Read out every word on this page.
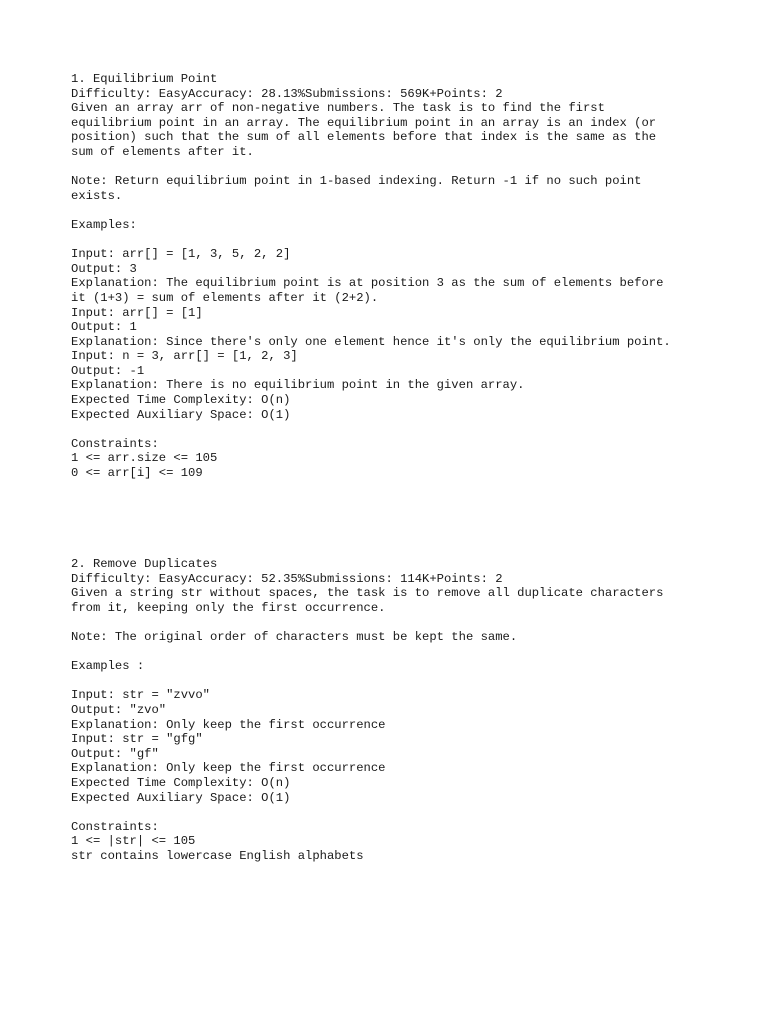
1. Equilibrium Point
Difficulty: EasyAccuracy: 28.13%Submissions: 569K+Points: 2
Given an array arr of non-negative numbers. The task is to find the first
equilibrium point in an array. The equilibrium point in an array is an index (or
position) such that the sum of all elements before that index is the same as the
sum of elements after it.
Note: Return equilibrium point in 1-based indexing. Return -1 if no such point
exists.
Examples:
Input: arr[] = [1, 3, 5, 2, 2]
Output: 3
Explanation: The equilibrium point is at position 3 as the sum of elements before
it (1+3) = sum of elements after it (2+2).
Input: arr[] = [1]
Output: 1
Explanation: Since there's only one element hence it's only the equilibrium point.
Input: n = 3, arr[] = [1, 2, 3]
Output: -1
Explanation: There is no equilibrium point in the given array.
Expected Time Complexity: O(n)
Expected Auxiliary Space: O(1)
Constraints:
1 <= arr.size <= 105
0 <= arr[i] <= 109
2. Remove Duplicates
Difficulty: EasyAccuracy: 52.35%Submissions: 114K+Points: 2
Given a string str without spaces, the task is to remove all duplicate characters
from it, keeping only the first occurrence.
Note: The original order of characters must be kept the same.
Examples :
Input: str = "zvvo"
Output: "zvo"
Explanation: Only keep the first occurrence
Input: str = "gfg"
Output: "gf"
Explanation: Only keep the first occurrence
Expected Time Complexity: O(n)
Expected Auxiliary Space: O(1)
Constraints:
1 <= |str| <= 105
str contains lowercase English alphabets
